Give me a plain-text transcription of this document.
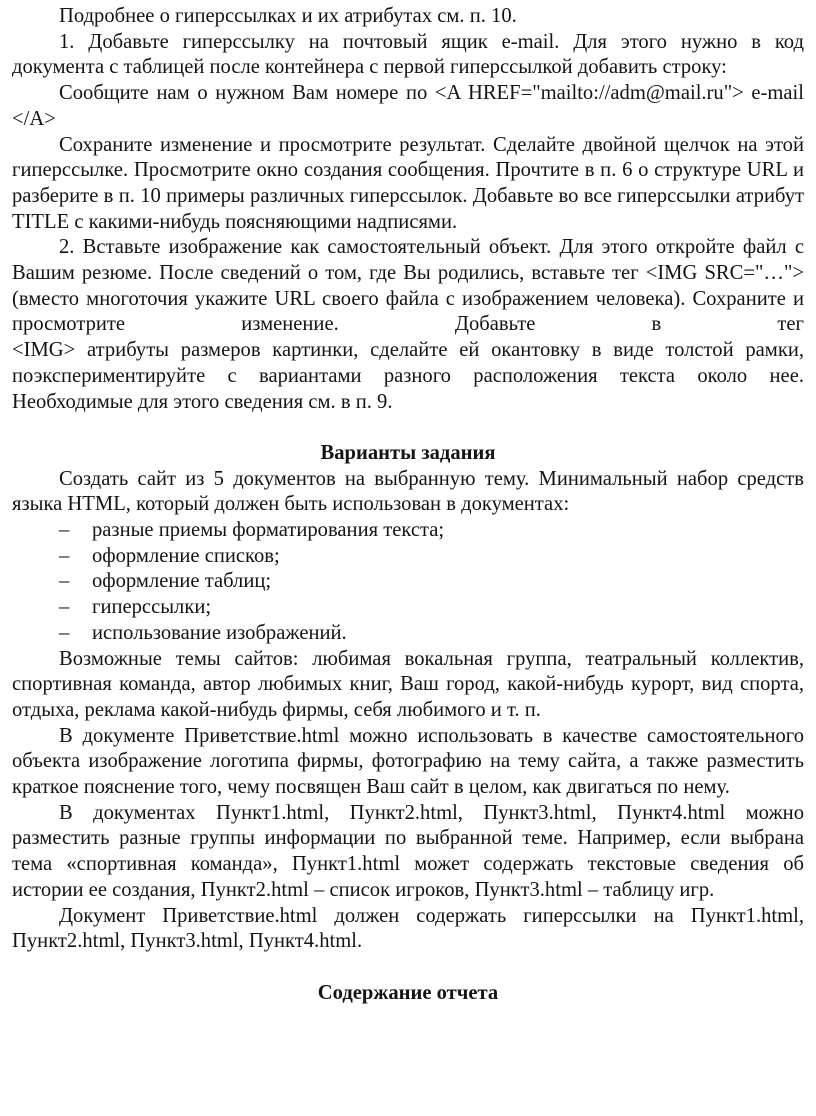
Подробнее о гиперссылках и их атрибутах см. п. 10.

1. Добавьте гиперссылку на почтовый ящик e-mail. Для этого нужно в код документа с таблицей после контейнера с первой гиперссылкой добавить строку:

Сообщите нам о нужном Вам номере по <A HREF="mailto://adm@mail.ru"> e-mail </A>

Сохраните изменение и просмотрите результат. Сделайте двойной щелчок на этой гиперссылке. Просмотрите окно создания сообщения. Прочтите в п. 6 о структуре URL и разберите в п. 10 примеры различных гиперссылок. Добавьте во все гиперссылки атрибут TITLE с какими-нибудь поясняющими надписями.

2. Вставьте изображение как самостоятельный объект. Для этого откройте файл с Вашим резюме. После сведений о том, где Вы родились, вставьте тег <IMG SRC="…"> (вместо многоточия укажите URL своего файла с изображением человека). Сохраните и просмотрите изменение. Добавьте в тег

<IMG> атрибуты размеров картинки, сделайте ей окантовку в виде толстой рамки, поэкспериментируйте с вариантами разного расположения текста около нее. Необходимые для этого сведения см. в п. 9.

Варианты задания

Создать сайт из 5 документов на выбранную тему. Минимальный набор средств языка HTML, который должен быть использован в документах:

–	разные приемы форматирования текста;
–	оформление списков;
–	оформление таблиц;
–	гиперссылки;
–	использование изображений.

Возможные темы сайтов: любимая вокальная группа, театральный коллектив, спортивная команда, автор любимых книг, Ваш город, какой-нибудь курорт, вид спорта, отдыха, реклама какой-нибудь фирмы, себя любимого и т. п.

В документе Приветствие.html можно использовать в качестве самостоятельного объекта изображение логотипа фирмы, фотографию на тему сайта, а также разместить краткое пояснение того, чему посвящен Ваш сайт в целом, как двигаться по нему.

В документах Пункт1.html, Пункт2.html, Пункт3.html, Пункт4.html можно разместить разные группы информации по выбранной теме. Например, если выбрана тема «спортивная команда», Пункт1.html может содержать текстовые сведения об истории ее создания, Пункт2.html – список игроков, Пункт3.html – таблицу игр.

Документ Приветствие.html должен содержать гиперссылки на Пункт1.html, Пункт2.html, Пункт3.html, Пункт4.html.

Содержание отчета
